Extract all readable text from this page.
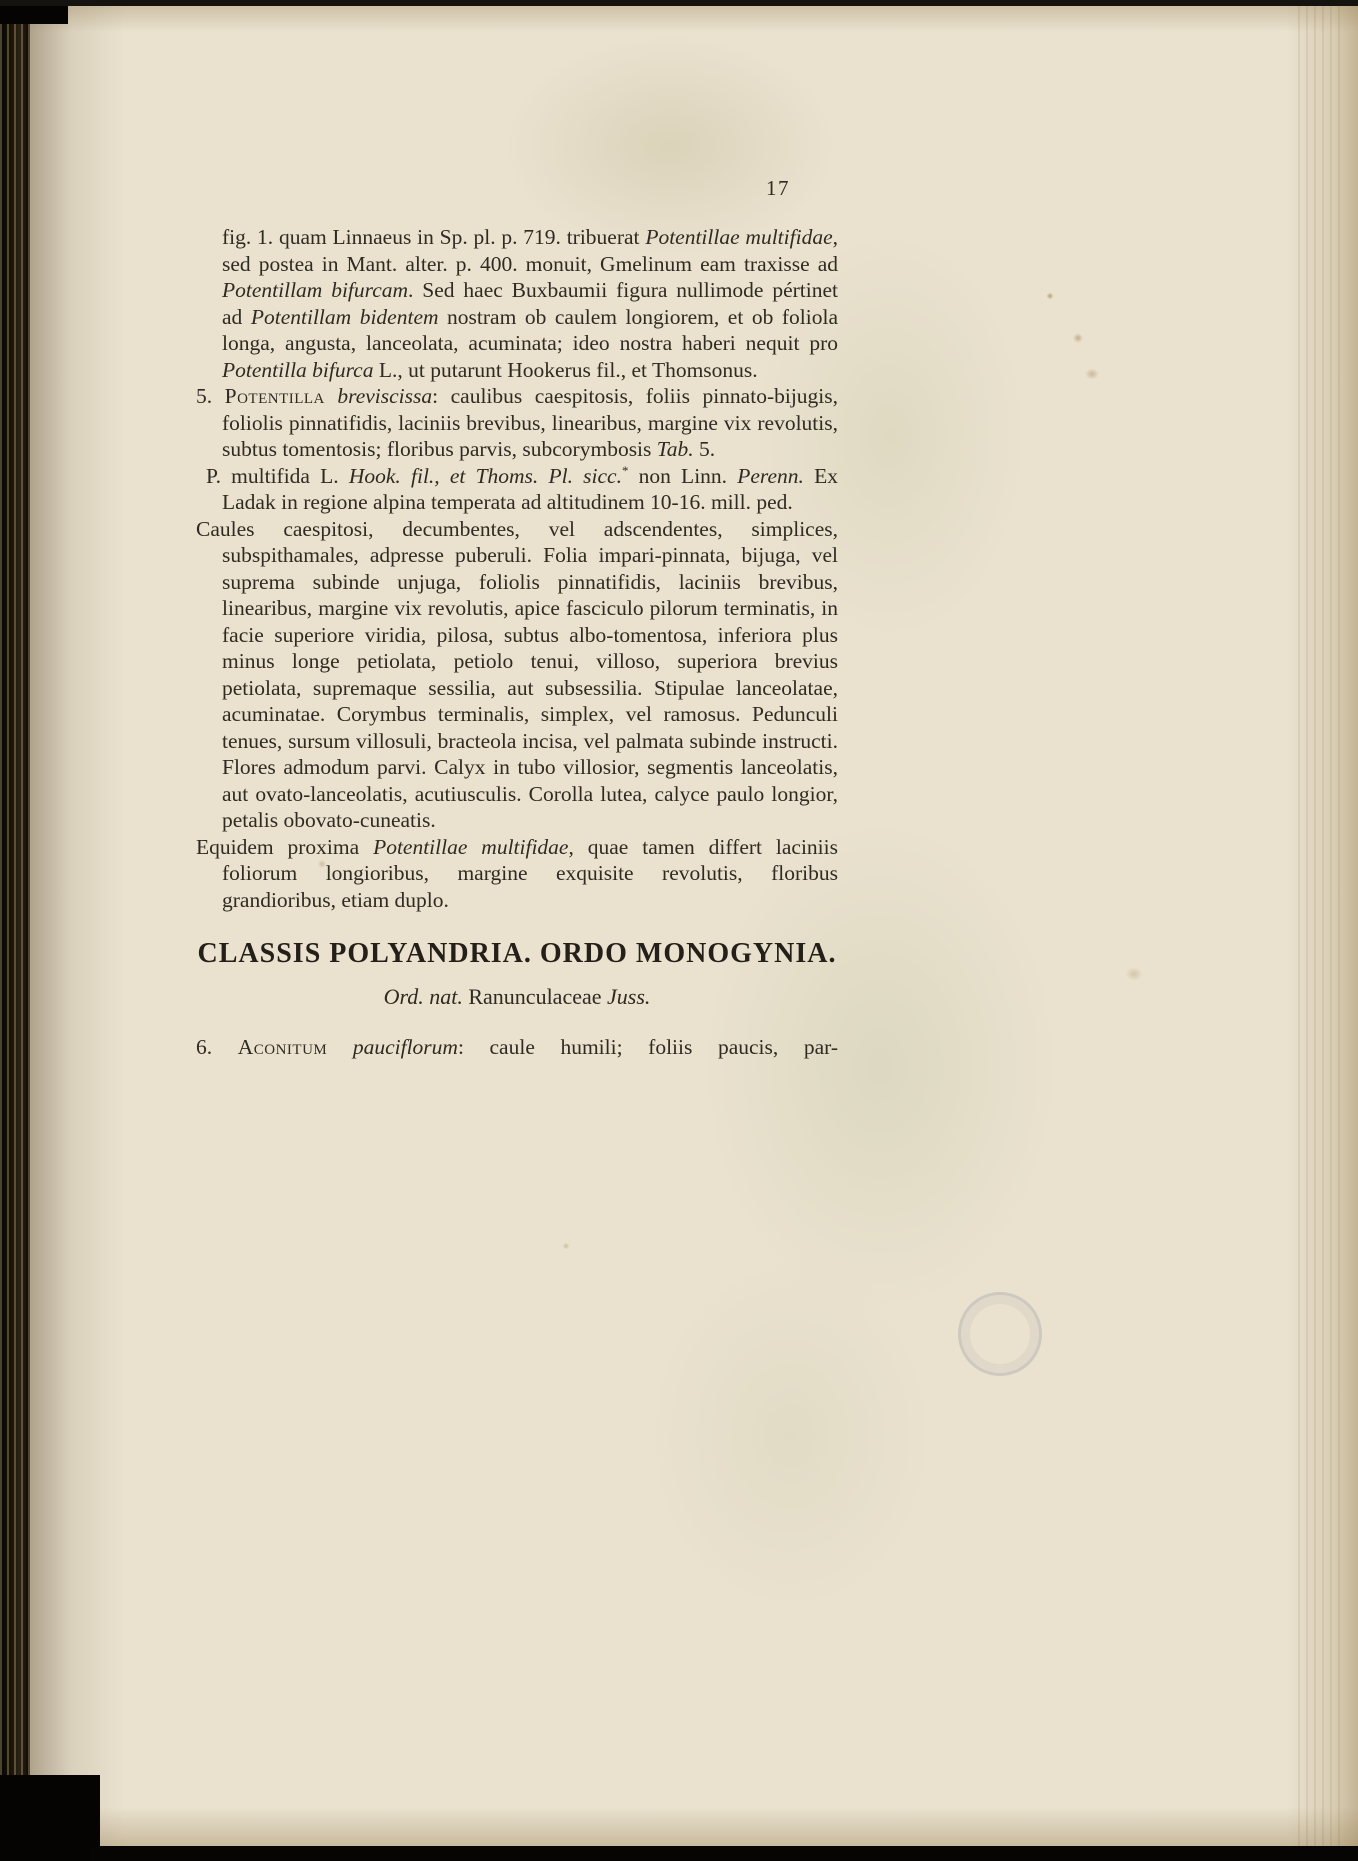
17

fig. 1. quam Linnaeus in Sp. pl. p. 719. tribuerat Potentillae multifidae, sed postea in Mant. alter. p. 400. monuit, Gmelinum eam traxisse ad Potentillam bifurcam. Sed haec Buxbaumii figura nullimode pértinet ad Potentillam bidentem nostram ob caulem longiorem, et ob foliola longa, angusta, lanceolata, acuminata; ideo nostra haberi nequit pro Potentilla bifurca L., ut putarunt Hookerus fil., et Thomsonus.

5. Potentilla breviscissa: caulibus caespitosis, foliis pinnato-bijugis, foliolis pinnatifidis, laciniis brevibus, linearibus, margine vix revolutis, subtus tomentosis; floribus parvis, subcorymbosis Tab. 5.

P. multifida L. Hook. fil., et Thoms. Pl. sicc.* non Linn. Perenn. Ex Ladak in regione alpina temperata ad altitudinem 10-16. mill. ped.

Caules caespitosi, decumbentes, vel adscendentes, simplices, subspithamales, adpresse puberuli. Folia impari-pinnata, bijuga, vel suprema subinde unjuga, foliolis pinnatifidis, laciniis brevibus, linearibus, margine vix revolutis, apice fasciculo pilorum terminatis, in facie superiore viridia, pilosa, subtus albo-tomentosa, inferiora plus minus longe petiolata, petiolo tenui, villoso, superiora brevius petiolata, supremaque sessilia, aut subsessilia. Stipulae lanceolatae, acuminatae. Corymbus terminalis, simplex, vel ramosus. Pedunculi tenues, sursum villosuli, bracteola incisa, vel palmata subinde instructi. Flores admodum parvi. Calyx in tubo villosior, segmentis lanceolatis, aut ovato-lanceolatis, acutiusculis. Corolla lutea, calyce paulo longior, petalis obovato-cuneatis.

Equidem proxima Potentillae multifidae, quae tamen differt laciniis foliorum longioribus, margine exquisite revolutis, floribus grandioribus, etiam duplo.

CLASSIS POLYANDRIA. ORDO MONOGYNIA.

Ord. nat. Ranunculaceae Juss.

6. Aconitum pauciflorum: caule humili; foliis paucis, par-
